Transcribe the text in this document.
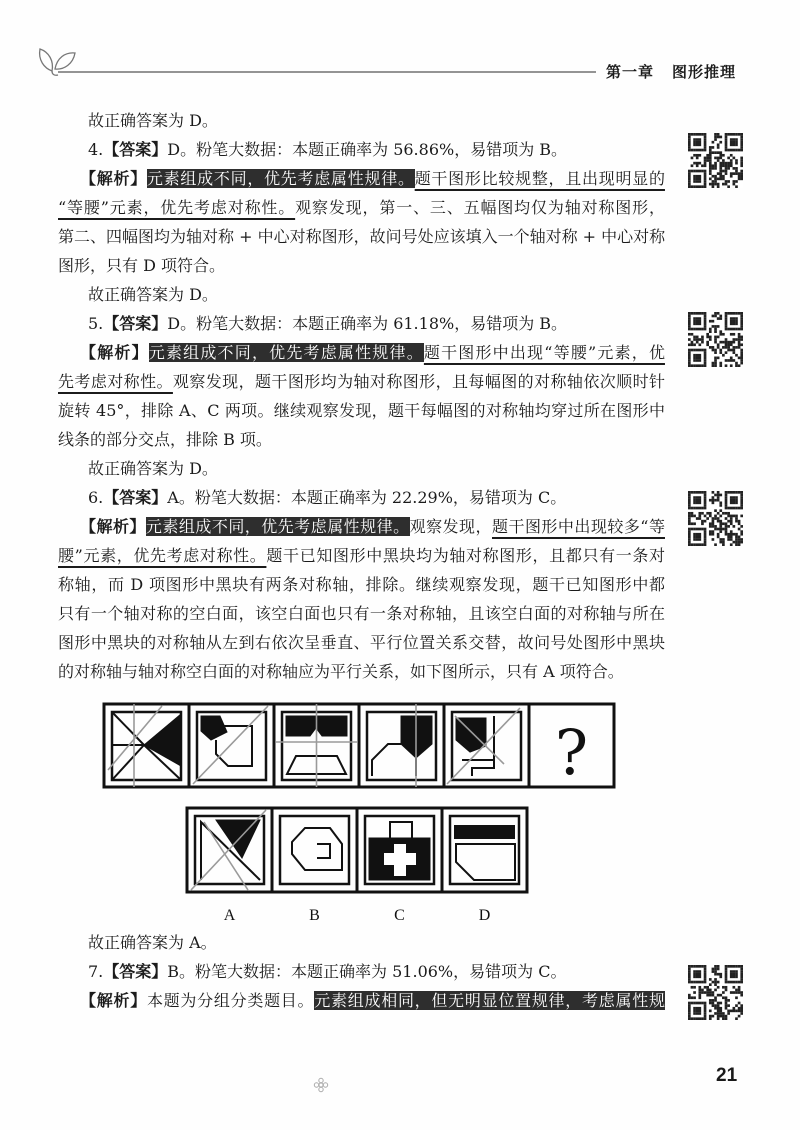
第一章 图形推理
故正确答案为 D。
4.【答案】D。粉笔大数据：本题正确率为 56.86%，易错项为 B。
【解析】元素组成不同，优先考虑属性规律。题干图形比较规整，且出现明显的
“等腰”元素，优先考虑对称性。观察发现，第一、三、五幅图均仅为轴对称图形，
第二、四幅图均为轴对称 + 中心对称图形，故问号处应该填入一个轴对称 + 中心对称
图形，只有 D 项符合。
故正确答案为 D。
5.【答案】D。粉笔大数据：本题正确率为 61.18%，易错项为 B。
【解析】元素组成不同，优先考虑属性规律。题干图形中出现“等腰”元素，优
先考虑对称性。观察发现，题干图形均为轴对称图形，且每幅图的对称轴依次顺时针
旋转 45°，排除 A、C 两项。继续观察发现，题干每幅图的对称轴均穿过所在图形中
线条的部分交点，排除 B 项。
故正确答案为 D。
6.【答案】A。粉笔大数据：本题正确率为 22.29%，易错项为 C。
【解析】元素组成不同，优先考虑属性规律。观察发现，题干图形中出现较多“等
腰”元素，优先考虑对称性。题干已知图形中黑块均为轴对称图形，且都只有一条对
称轴，而 D 项图形中黑块有两条对称轴，排除。继续观察发现，题干已知图形中都
只有一个轴对称的空白面，该空白面也只有一条对称轴，且该空白面的对称轴与所在
图形中黑块的对称轴从左到右依次呈垂直、平行位置关系交替，故问号处图形中黑块
的对称轴与轴对称空白面的对称轴应为平行关系，如下图所示，只有 A 项符合。
?
A	B	C	D
故正确答案为 A。
7.【答案】B。粉笔大数据：本题正确率为 51.06%，易错项为 C。
【解析】本题为分组分类题目。元素组成相同，但无明显位置规律，考虑属性规
21
